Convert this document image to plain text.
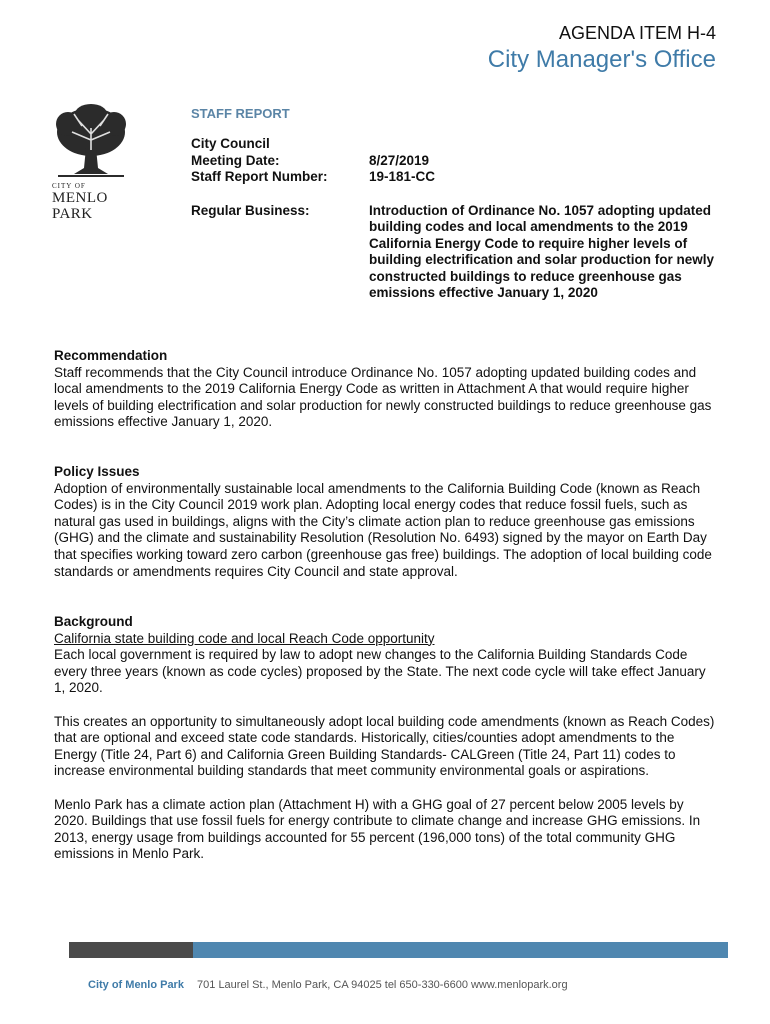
AGENDA ITEM H-4
City Manager's Office
CITY OF
MENLO PARK
STAFF REPORT
City Council
Meeting Date:	8/27/2019
Staff Report Number:	19-181-CC
Regular Business:	Introduction of Ordinance No. 1057 adopting updated building codes and local amendments to the 2019 California Energy Code to require higher levels of building electrification and solar production for newly constructed buildings to reduce greenhouse gas emissions effective January 1, 2020
Recommendation

Staff recommends that the City Council introduce Ordinance No. 1057 adopting updated building codes and local amendments to the 2019 California Energy Code as written in Attachment A that would require higher levels of building electrification and solar production for newly constructed buildings to reduce greenhouse gas emissions effective January 1, 2020.

Policy Issues

Adoption of environmentally sustainable local amendments to the California Building Code (known as Reach Codes) is in the City Council 2019 work plan. Adopting local energy codes that reduce fossil fuels, such as natural gas used in buildings, aligns with the City’s climate action plan to reduce greenhouse gas emissions (GHG) and the climate and sustainability Resolution (Resolution No. 6493) signed by the mayor on Earth Day that specifies working toward zero carbon (greenhouse gas free) buildings. The adoption of local building code standards or amendments requires City Council and state approval.

Background

California state building code and local Reach Code opportunity

Each local government is required by law to adopt new changes to the California Building Standards Code every three years (known as code cycles) proposed by the State. The next code cycle will take effect January 1, 2020.

This creates an opportunity to simultaneously adopt local building code amendments (known as Reach Codes) that are optional and exceed state code standards. Historically, cities/counties adopt amendments to the Energy (Title 24, Part 6) and California Green Building Standards- CALGreen (Title 24, Part 11) codes to increase environmental building standards that meet community environmental goals or aspirations.

Menlo Park has a climate action plan (Attachment H) with a GHG goal of 27 percent below 2005 levels by 2020. Buildings that use fossil fuels for energy contribute to climate change and increase GHG emissions. In 2013, energy usage from buildings accounted for 55 percent (196,000 tons) of the total community GHG emissions in Menlo Park.

City of Menlo Park 701 Laurel St., Menlo Park, CA 94025 tel 650-330-6600 www.menlopark.org
